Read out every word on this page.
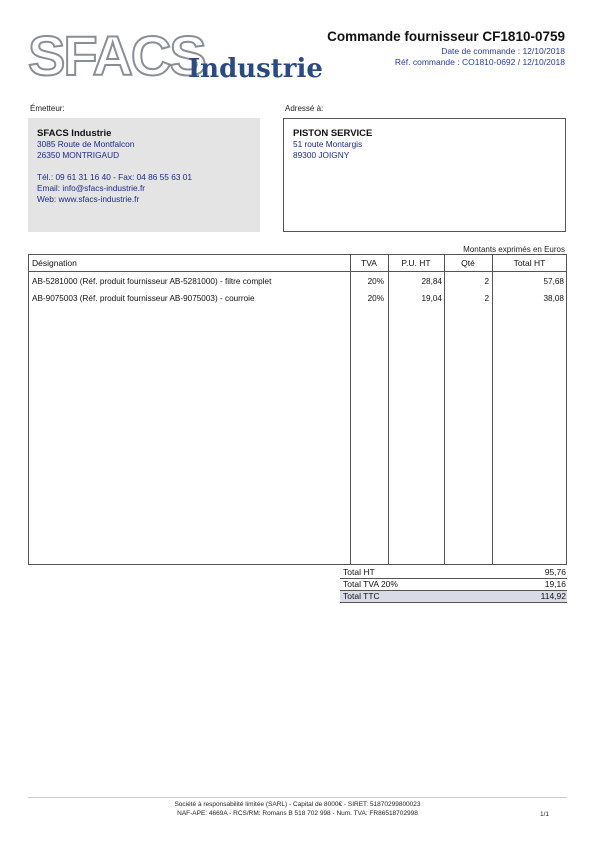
SFACS
Industrie
Commande fournisseur CF1810-0759
Date de commande : 12/10/2018
Réf. commande : CO1810-0692 / 12/10/2018
Émetteur:
SFACS Industrie
3085 Route de Montfalcon
26350 MONTRIGAUD
Tél.: 09 61 31 16 40 - Fax: 04 86 55 63 01
Email: info@sfacs-industrie.fr
Web: www.sfacs-industrie.fr
Adressé à:
PISTON SERVICE
51 route Montargis
89300 JOIGNY
Montants exprimés en Euros
Désignation	TVA	P.U. HT	Qté	Total HT
AB-5281000 (Réf. produit fournisseur AB-5281000) - filtre complet	20%	28,84	2	57,68
AB-9075003 (Réf. produit fournisseur AB-9075003) - courroie	20%	19,04	2	38,08
Total HT	95,76
Total TVA 20%	19,16
Total TTC	114,92
Société à responsabilité limitée (SARL) - Capital de 8000€ - SIRET: 51870299800023
NAF-APE: 4669A - RCS/RM: Romans B 518 702 998 - Num. TVA: FR86518702998	1/1
